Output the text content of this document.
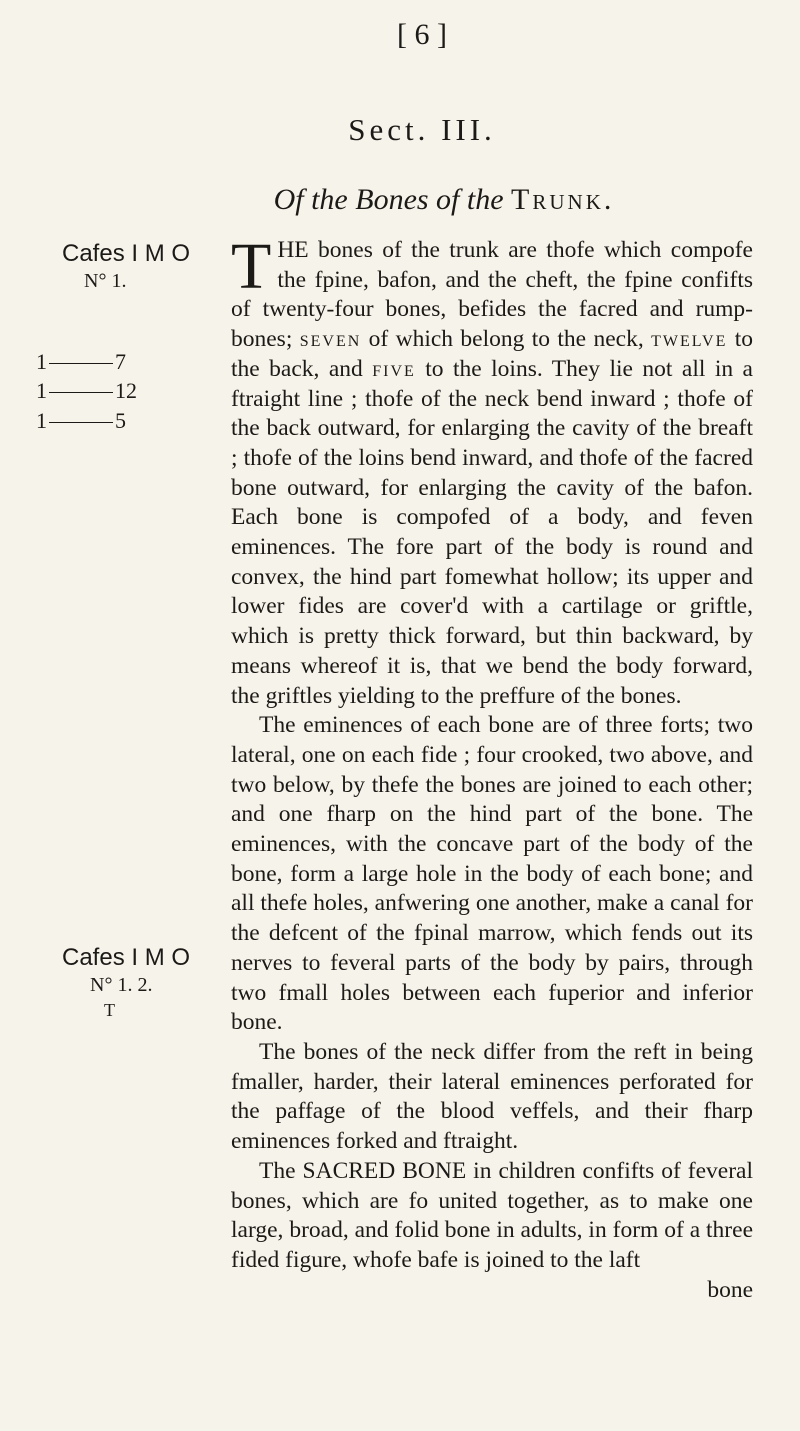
[ 6 ]
Sect. III.
Of the Bones of the Trunk.
Cafes I M O
N° 1.
1	7
1	12
1	5
Cafes I M O
N° 1. 2.
T

THE bones of the trunk are thofe which compofe the fpine, bafon, and the cheft, the fpine confifts of twenty-four bones, befides the facred and rump-bones; seven of which belong to the neck, twelve to the back, and five to the loins. They lie not all in a ftraight line ; thofe of the neck bend inward ; thofe of the back outward, for enlarging the cavity of the breaft ; thofe of the loins bend inward, and thofe of the facred bone outward, for enlarging the cavity of the bafon. Each bone is compofed of a body, and feven eminences. The fore part of the body is round and convex, the hind part fomewhat hollow; its upper and lower fides are cover'd with a cartilage or griftle, which is pretty thick forward, but thin backward, by means whereof it is, that we bend the body forward, the griftles yielding to the preffure of the bones.

The eminences of each bone are of three forts; two lateral, one on each fide ; four crooked, two above, and two below, by thefe the bones are joined to each other; and one fharp on the hind part of the bone. The eminences, with the concave part of the body of the bone, form a large hole in the body of each bone; and all thefe holes, anfwering one another, make a canal for the defcent of the fpinal marrow, which fends out its nerves to feveral parts of the body by pairs, through two fmall holes between each fuperior and inferior bone.

The bones of the neck differ from the reft in being fmaller, harder, their lateral eminences perforated for the paffage of the blood veffels, and their fharp eminences forked and ftraight.

The SACRED BONE in children confifts of feveral bones, which are fo united together, as to make one large, broad, and folid bone in adults, in form of a three fided figure, whofe bafe is joined to the laft

bone
